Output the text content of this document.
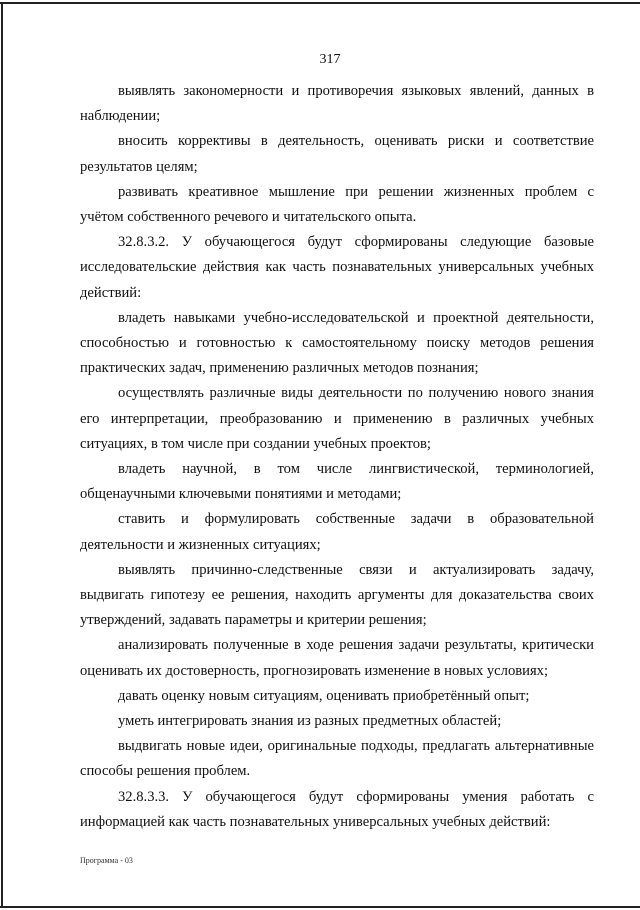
317

выявлять закономерности и противоречия языковых явлений, данных в наблюдении;

вносить коррективы в деятельность, оценивать риски и соответствие результатов целям;

развивать креативное мышление при решении жизненных проблем с учётом собственного речевого и читательского опыта.

32.8.3.2. У обучающегося будут сформированы следующие базовые исследовательские действия как часть познавательных универсальных учебных действий:

владеть навыками учебно-исследовательской и проектной деятельности, способностью и готовностью к самостоятельному поиску методов решения практических задач, применению различных методов познания;

осуществлять различные виды деятельности по получению нового знания его интерпретации, преобразованию и применению в различных учебных ситуациях, в том числе при создании учебных проектов;

владеть научной, в том числе лингвистической, терминологией, общенаучными ключевыми понятиями и методами;

ставить и формулировать собственные задачи в образовательной деятельности и жизненных ситуациях;

выявлять причинно-следственные связи и актуализировать задачу, выдвигать гипотезу ее решения, находить аргументы для доказательства своих утверждений, задавать параметры и критерии решения;

анализировать полученные в ходе решения задачи результаты, критически оценивать их достоверность, прогнозировать изменение в новых условиях;

давать оценку новым ситуациям, оценивать приобретённый опыт;

уметь интегрировать знания из разных предметных областей;

выдвигать новые идеи, оригинальные подходы, предлагать альтернативные способы решения проблем.

32.8.3.3. У обучающегося будут сформированы умения работать с информацией как часть познавательных универсальных учебных действий:

Программа - 03
